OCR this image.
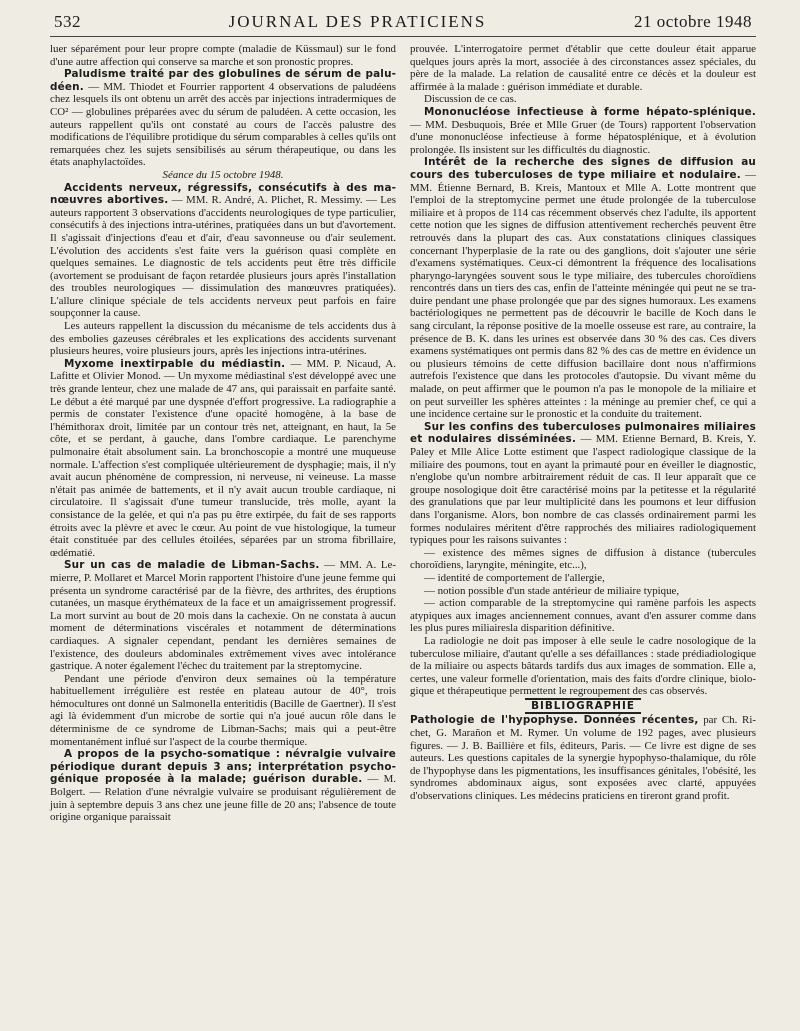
532	JOURNAL DES PRATICIENS	21 octobre 1948

luer séparément pour leur propre compte (maladie de Küssmaul) sur le fond d'une autre affection qui conserve sa marche et son pronostic propres.

Paludisme traité par des globulines de sérum de paludéen. — MM. Thiodet et Fourrier rapportent 4 observations de paludéens chez lesquels ils ont obtenu un arrêt des accès par injections intradermiques de CO² — globulines préparées avec du sérum de paludéen. A cette occasion, les auteurs rappellent qu'ils ont constaté au cours de l'accès palustre des modifications de l'équilibre protidique du sérum comparables à celles qu'ils ont remarquées chez les sujets sensibilisés au sérum thérapeutique, ou dans les états anaphylactoïdes.

Séance du 15 octobre 1948.

Accidents nerveux, régressifs, consécutifs à des manœuvres abortives. — MM. R. André, A. Plichet, R. Messimy. — Les auteurs rapportent 3 observations d'accidents neurologiques de type particulier, consécutifs à des injections intra-utérines, pratiquées dans un but d'avortement. Il s'agissait d'injections d'eau et d'air, d'eau savonneuse ou d'air seulement. L'évolution des accidents s'est faite vers la guérison quasi complète en quelques semaines. Le diagnostic de tels accidents peut être très difficile (avortement se produisant de façon retardée plusieurs jours après l'installation des troubles neurologiques — dissimulation des manœuvres pratiquées). L'allure clinique spéciale de tels accidents nerveux peut parfois en faire soupçonner la cause.

Les auteurs rappellent la discussion du mécanisme de tels accidents dus à des embolies gazeuses cérébrales et les explications des accidents survenant plusieurs heures, voire plusieurs jours, après les injections intra-utérines.

Myxome inextirpable du médiastin. — MM. P. Nicaud, A. Lafitte et Olivier Monod. — Un myxome médiastinal s'est développé avec une très grande lenteur, chez une malade de 47 ans, qui paraissait en parfaite santé. Le début a été marqué par une dyspnée d'effort progressive. La radiographie a permis de constater l'existence d'une opacité homogène, à la base de l'hémithorax droit, limitée par un contour très net, atteignant, en haut, la 5e côte, et se perdant, à gauche, dans l'ombre cardiaque. Le parenchyme pulmonaire était absolument sain. La bronchoscopie a montré une muqueuse normale. L'affection s'est compliquée ultérieurement de dysphagie; mais, il n'y avait aucun phénomène de compression, ni nerveuse, ni veineuse. La masse n'était pas animée de battements, et il n'y avait aucun trouble cardiaque, ni circulatoire. Il s'agissait d'une tumeur translucide, très molle, ayant la consistance de la gelée, et qui n'a pas pu être extirpée, du fait de ses rapports étroits avec la plèvre et avec le cœur. Au point de vue histologique, la tumeur était constituée par des cellules étoilées, séparées par un stroma fibrillaire, œdématié.

Sur un cas de maladie de Libman-Sachs. — MM. A. Lemierre, P. Mollaret et Marcel Morin rapportent l'histoire d'une jeune femme qui présenta un syndrome caractérisé par de la fièvre, des arthrites, des éruptions cutanées, un masque érythémateux de la face et un amaigrissement progressif. La mort survint au bout de 20 mois dans la cachexie. On ne constata à aucun moment de déterminations viscérales et notamment de déterminations cardiaques. A signaler cependant, pendant les dernières semaines de l'existence, des douleurs abdominales extrêmement vives avec intolérance gastrique. A noter également l'échec du traitement par la streptomycine.

Pendant une période d'environ deux semaines où la température habituellement irrégulière est restée en plateau autour de 40°, trois hémocultures ont donné un Salmonella enteritidis (Bacille de Gaertner). Il s'est agi là évidemment d'un microbe de sortie qui n'a joué aucun rôle dans le déterminisme de ce syndrome de Libman-Sachs; mais qui a peut-être momentanément influé sur l'aspect de la courbe thermique.

A propos de la psycho-somatique : névralgie vulvaire périodique durant depuis 3 ans; interprétation psychogénique proposée à la malade; guérison durable. — M. Bolgert. — Relation d'une névralgie vulvaire se produisant régulièrement de juin à septembre depuis 3 ans chez une jeune fille de 20 ans; l'absence de toute origine organique paraissait

prouvée. L'interrogatoire permet d'établir que cette douleur était apparue quelques jours après la mort, associée à des circonstances assez spéciales, du père de la malade. La relation de causalité entre ce décès et la douleur est affirmée à la malade : guérison immédiate et durable.

Discussion de ce cas.

Mononucléose infectieuse à forme hépato-splénique. — MM. Desbuquois, Brée et Mlle Gruer (de Tours) rapportent l'observation d'une mononucléose infectieuse à forme hépatosplénique, et à évolution prolongée. Ils insistent sur les difficultés du diagnostic.

Intérêt de la recherche des signes de diffusion au cours des tuberculoses de type miliaire et nodulaire. — MM. Étienne Bernard, B. Kreis, Mantoux et Mlle A. Lotte montrent que l'emploi de la streptomycine permet une étude prolongée de la tuberculose miliaire et à propos de 114 cas récemment observés chez l'adulte, ils apportent cette notion que les signes de diffusion attentivement recherchés peuvent être retrouvés dans la plupart des cas. Aux constatations cliniques classiques concernant l'hyperplasie de la rate ou des ganglions, doit s'ajouter une série d'examens systématiques. Ceux-ci démontrent la fréquence des localisations pharyngo-laryngées souvent sous le type miliaire, des tubercules choroïdiens rencontrés dans un tiers des cas, enfin de l'atteinte méningée qui peut ne se traduire pendant une phase prolongée que par des signes humoraux. Les examens bactériologiques ne permettent pas de découvrir le bacille de Koch dans le sang circulant, la réponse positive de la moelle osseuse est rare, au contraire, la présence de B. K. dans les urines est observée dans 30 % des cas. Ces divers examens systématiques ont permis dans 82 % des cas de mettre en évidence un ou plusieurs témoins de cette diffusion bacillaire dont nous n'affirmions autrefois l'existence que dans les protocoles d'autopsie. Du vivant même du malade, on peut affirmer que le poumon n'a pas le monopole de la miliaire et on peut surveiller les sphères atteintes : la méninge au premier chef, ce qui a une incidence certaine sur le pronostic et la conduite du traitement.

Sur les confins des tuberculoses pulmonaires miliaires et nodulaires disséminées. — MM. Etienne Bernard, B. Kreis, Y. Paley et Mlle Alice Lotte estiment que l'aspect radiologique classique de la miliaire des poumons, tout en ayant la primauté pour en éveiller le diagnostic, n'englobe qu'un nombre arbitrairement réduit de cas. Il leur apparaît que ce groupe nosologique doit être caractérisé moins par la petitesse et la régularité des granulations que par leur multiplicité dans les poumons et leur diffusion dans l'organisme. Alors, bon nombre de cas classés ordinairement parmi les formes nodulaires méritent d'être rapprochés des miliaires radiologiquement typiques pour les raisons suivantes :

— existence des mêmes signes de diffusion à distance (tubercules choroïdiens, laryngite, méningite, etc...),

— identité de comportement de l'allergie,

— notion possible d'un stade antérieur de miliaire typique,

— action comparable de la streptomycine qui ramène parfois les aspects atypiques aux images anciennement connues, avant d'en assurer comme dans les plus pures miliairesla disparition définitive.

La radiologie ne doit pas imposer à elle seule le cadre nosologique de la tuberculose miliaire, d'autant qu'elle a ses défaillances : stade prédiadiologique de la miliaire ou aspects bâtards tardifs dus aux images de sommation. Elle a, certes, une valeur formelle d'orientation, mais des faits d'ordre clinique, biologique et thérapeutique permettent le regroupement des cas observés.

BIBLIOGRAPHIE

Pathologie de l'hypophyse. Données récentes, par Ch. Richet, G. Marañon et M. Rymer. Un volume de 192 pages, avec plusieurs figures. — J. B. Baillière et fils, éditeurs, Paris. — Ce livre est digne de ses auteurs. Les questions capitales de la synergie hypophyso-thalamique, du rôle de l'hypophyse dans les pigmentations, les insuffisances génitales, l'obésité, les syndromes abdominaux aigus, sont exposées avec clarté, appuyées d'observations cliniques. Les médecins praticiens en tireront grand profit.
